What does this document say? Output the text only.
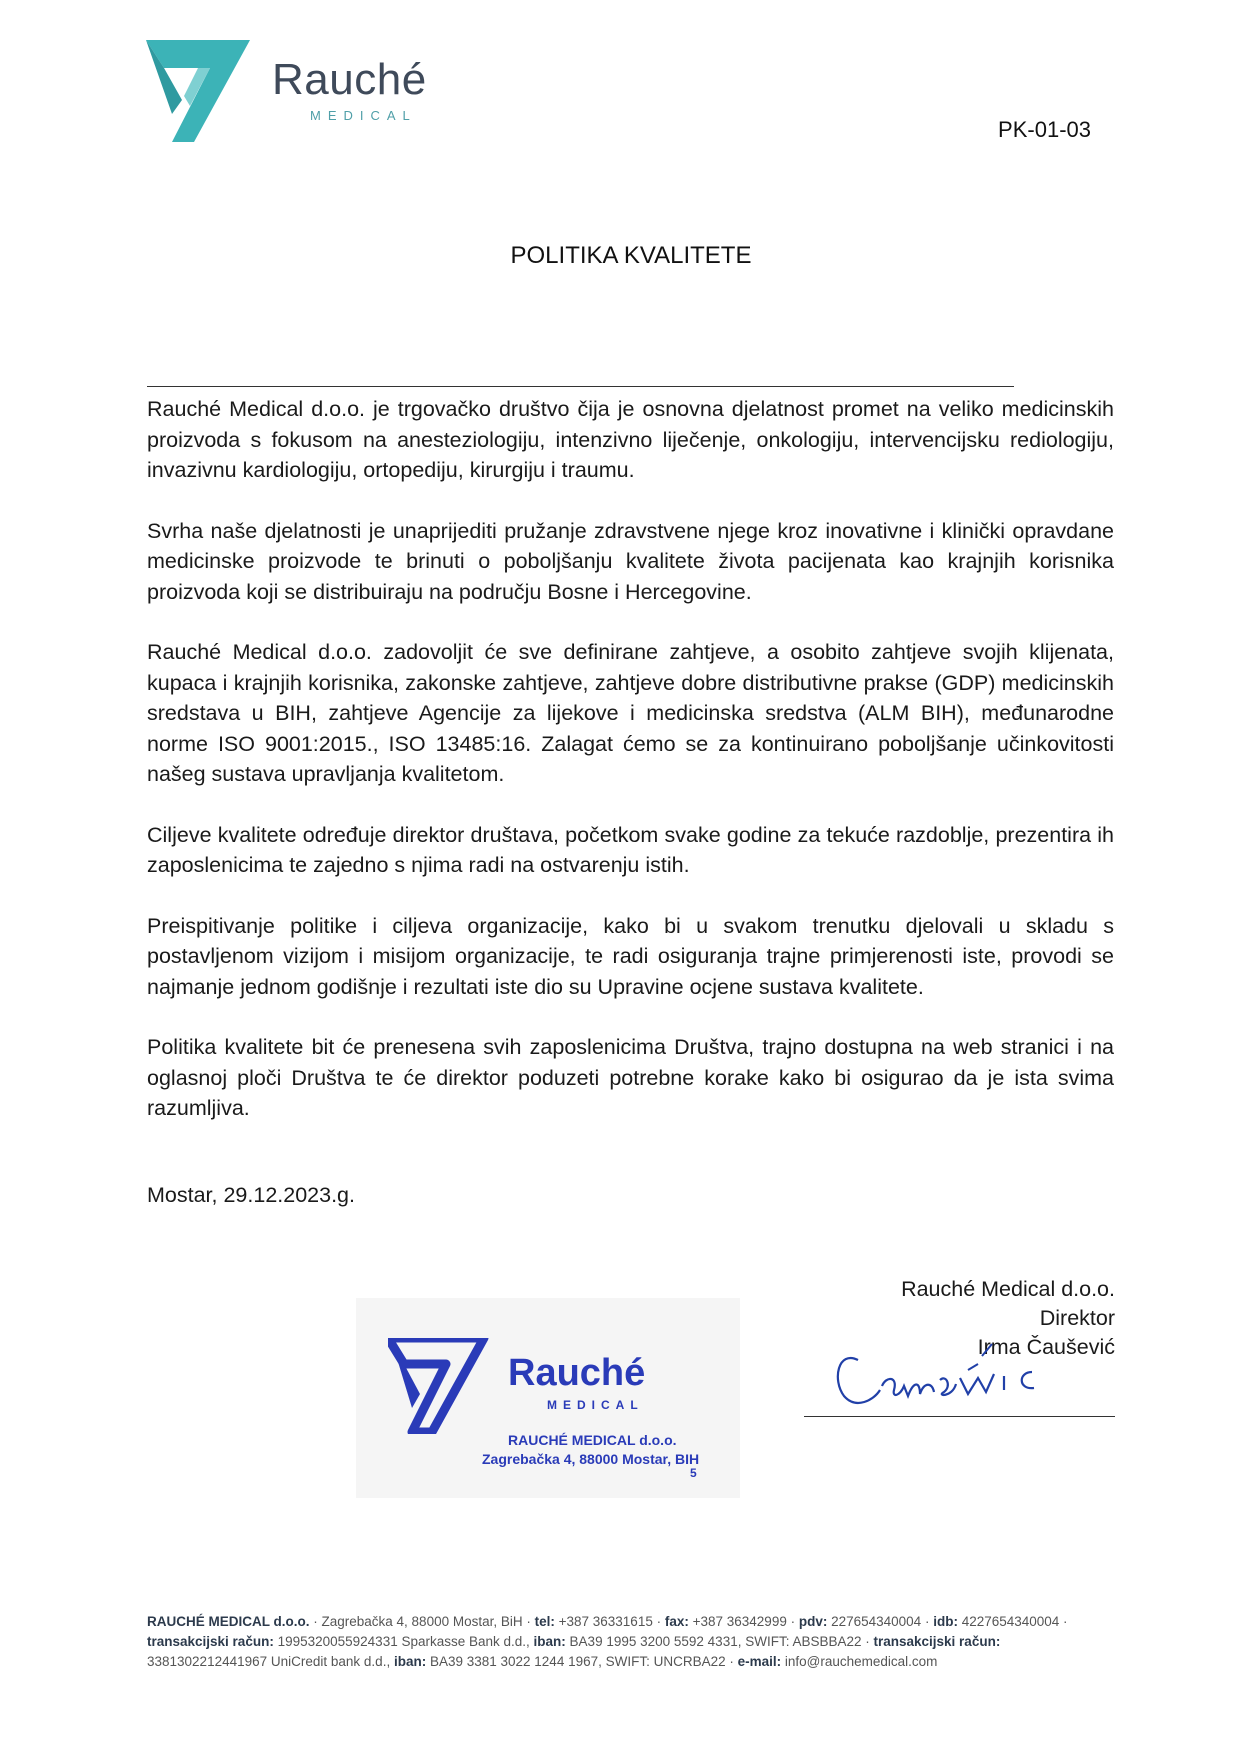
Rauché
MEDICAL
PK-01-03
POLITIKA KVALITETE

Rauché Medical d.o.o. je trgovačko društvo čija je osnovna djelatnost promet na veliko medicinskih proizvoda s fokusom na anesteziologiju, intenzivno liječenje, onkologiju, intervencijsku rediologiju, invazivnu kardiologiju, ortopediju, kirurgiju i traumu.

Svrha naše djelatnosti je unaprijediti pružanje zdravstvene njege kroz inovativne i klinički opravdane medicinske proizvode te brinuti o poboljšanju kvalitete života pacijenata kao krajnjih korisnika proizvoda koji se distribuiraju na području Bosne i Hercegovine.

Rauché Medical d.o.o. zadovoljit će sve definirane zahtjeve, a osobito zahtjeve svojih klijenata, kupaca i krajnjih korisnika, zakonske zahtjeve, zahtjeve dobre distributivne prakse (GDP) medicinskih sredstava u BIH, zahtjeve Agencije za lijekove i medicinska sredstva (ALM BIH), međunarodne norme ISO 9001:2015., ISO 13485:16. Zalagat ćemo se za kontinuirano poboljšanje učinkovitosti našeg sustava upravljanja kvalitetom.

Ciljeve kvalitete određuje direktor društava, početkom svake godine za tekuće razdoblje, prezentira ih zaposlenicima te zajedno s njima radi na ostvarenju istih.

Preispitivanje politike i ciljeva organizacije, kako bi u svakom trenutku djelovali u skladu s postavljenom vizijom i misijom organizacije, te radi osiguranja trajne primjerenosti iste, provodi se najmanje jednom godišnje i rezultati iste dio su Upravine ocjene sustava kvalitete.

Politika kvalitete bit će prenesena svih zaposlenicima Društva, trajno dostupna na web stranici i na oglasnoj ploči Društva te će direktor poduzeti potrebne korake kako bi osigurao da je ista svima razumljiva.

Mostar, 29.12.2023.g.
Rauché
MEDICAL
RAUCHÉ MEDICAL d.o.o.
Zagrebačka 4, 88000 Mostar, BIH
5
Rauché Medical d.o.o.
Direktor
Irma Čaušević
RAUCHÉ MEDICAL d.o.o. · Zagrebačka 4, 88000 Mostar, BiH · tel: +387 36331615 · fax: +387 36342999 · pdv: 227654340004 · idb: 4227654340004 ·
transakcijski račun: 1995320055924331 Sparkasse Bank d.d., iban: BA39 1995 3200 5592 4331, SWIFT: ABSBBA22 · transakcijski račun:
3381302212441967 UniCredit bank d.d., iban: BA39 3381 3022 1244 1967, SWIFT: UNCRBA22 · e-mail: info@rauchemedical.com
